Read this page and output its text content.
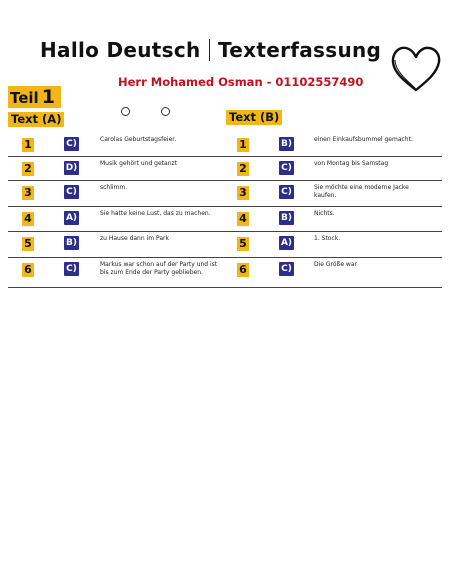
Hallo Deutsch Texterfassung
Herr Mohamed Osman - 01102557490
Teil 1
Text (A)	Text (B)
1	C)	Carolas Geburtstagsfeier.	1	B)	einen Einkaufsbummel gemacht.
2	D)	Musik gehört und getanzt	2	C)	von Montag bis Samstag
3	C)	schlimm.	3	C)	Sie möchte eine moderne Jacke kaufen.
4	A)	Sie hatte keine Lust, das zu machen.	4	B)	Nichts.
5	B)	zu Hause dann im Park	5	A)	1. Stock.
6	C)	Markus war schon auf der Party und ist bis zum Ende der Party geblieben.	6	C)	Die Größe war
